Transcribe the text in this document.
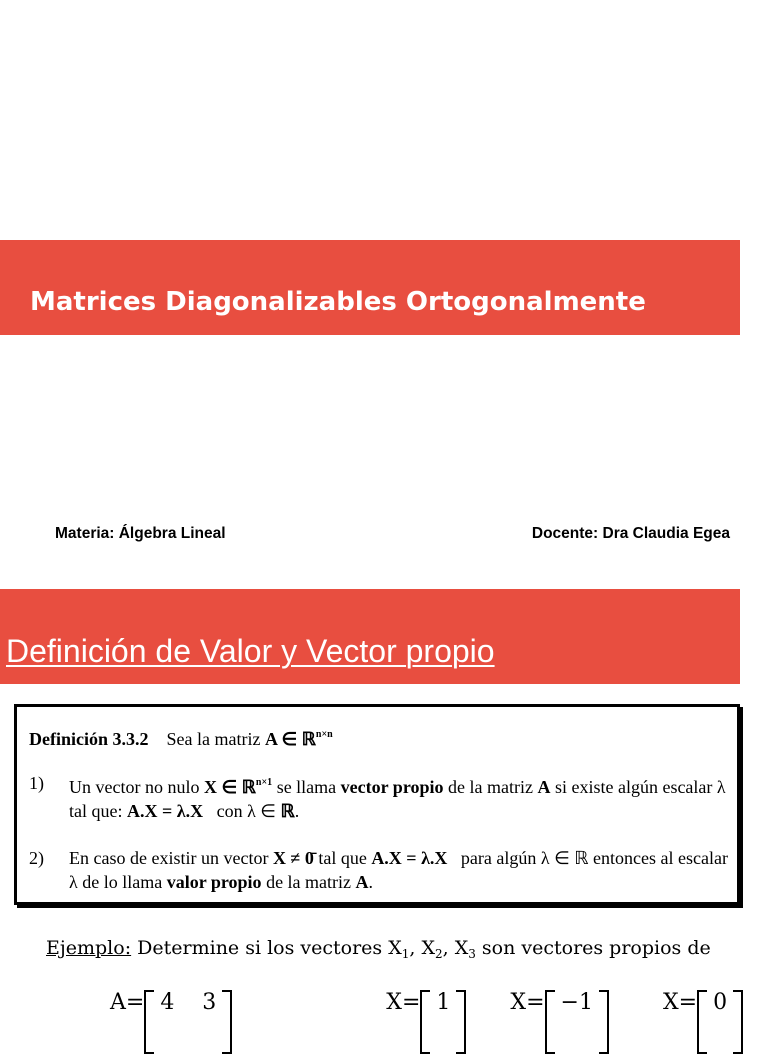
Matrices Diagonalizables Ortogonalmente
Materia: Álgebra Lineal	Docente: Dra Claudia Egea
Definición de Valor y Vector propio
Definición 3.3.2 Sea la matriz A ∈ ℝ$^{n\times n}$
1) Un vector no nulo X ∈ ℝ$^{n\times 1}$ se llama vector propio de la matriz A si existe algún escalar λ tal que: A.X = λ.X con λ ∈ ℝ.
2) En caso de existir un vector X ≠ 0̄ tal que A.X = λ.X para algún λ ∈ ℝ entonces al escalar λ de lo llama valor propio de la matriz A.
Ejemplo: Determine si los vectores $X_1$, $X_2$, $X_3$ son vectores propios de
A= 4    3	X= 1	X= −1	X= 0
